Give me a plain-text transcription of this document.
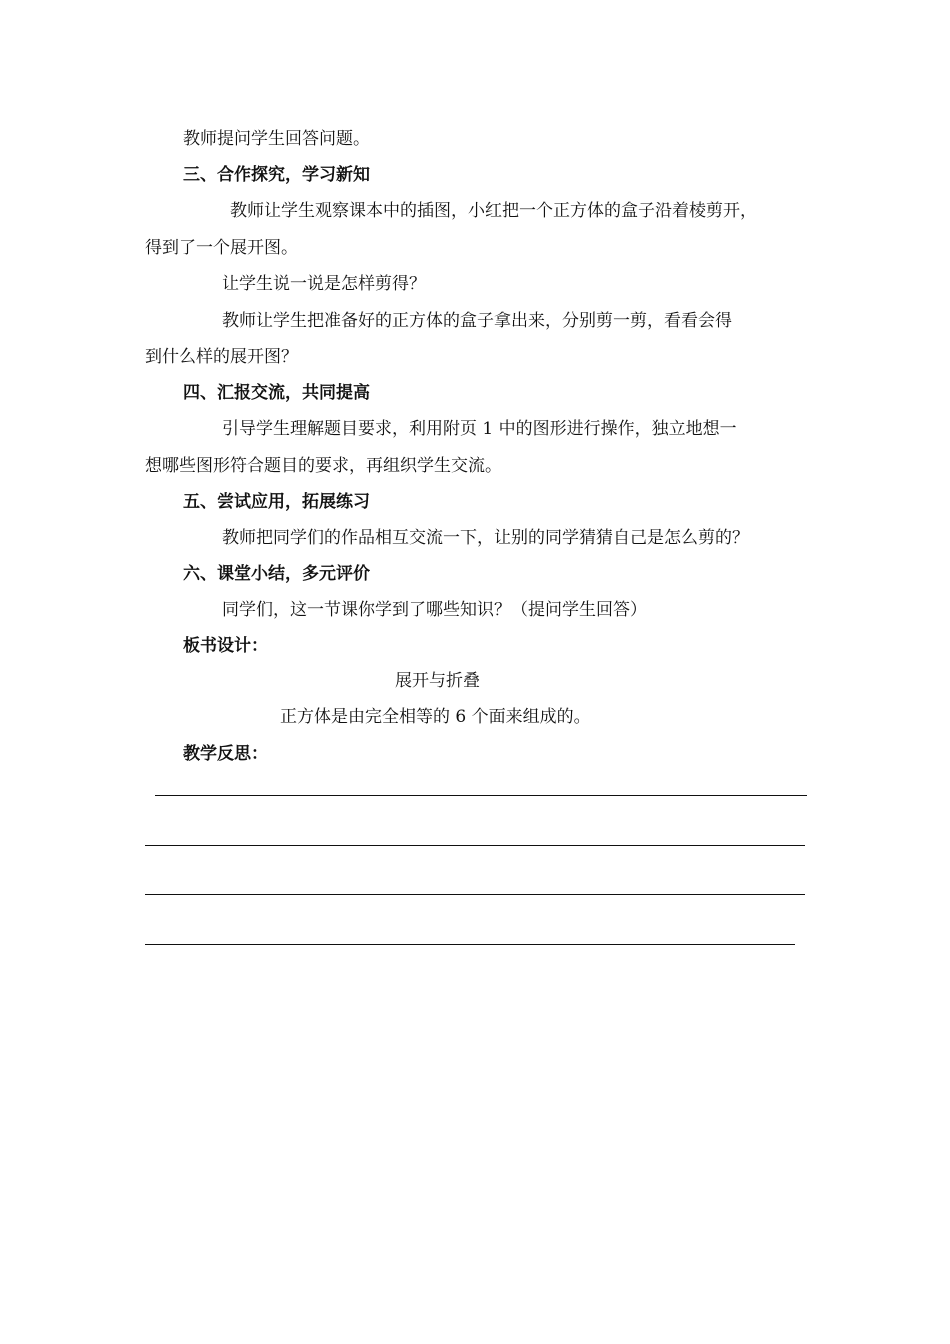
教师提问学生回答问题。
三、合作探究，学习新知
教师让学生观察课本中的插图，小红把一个正方体的盒子沿着棱剪开，
得到了一个展开图。
让学生说一说是怎样剪得？
教师让学生把准备好的正方体的盒子拿出来，分别剪一剪，看看会得
到什么样的展开图？
四、汇报交流，共同提高
引导学生理解题目要求，利用附页 1 中的图形进行操作，独立地想一
想哪些图形符合题目的要求，再组织学生交流。
五、尝试应用，拓展练习
教师把同学们的作品相互交流一下，让别的同学猜猜自己是怎么剪的？
六、课堂小结，多元评价
同学们，这一节课你学到了哪些知识？（提问学生回答）
板书设计：
展开与折叠
正方体是由完全相等的 6 个面来组成的。
教学反思：
